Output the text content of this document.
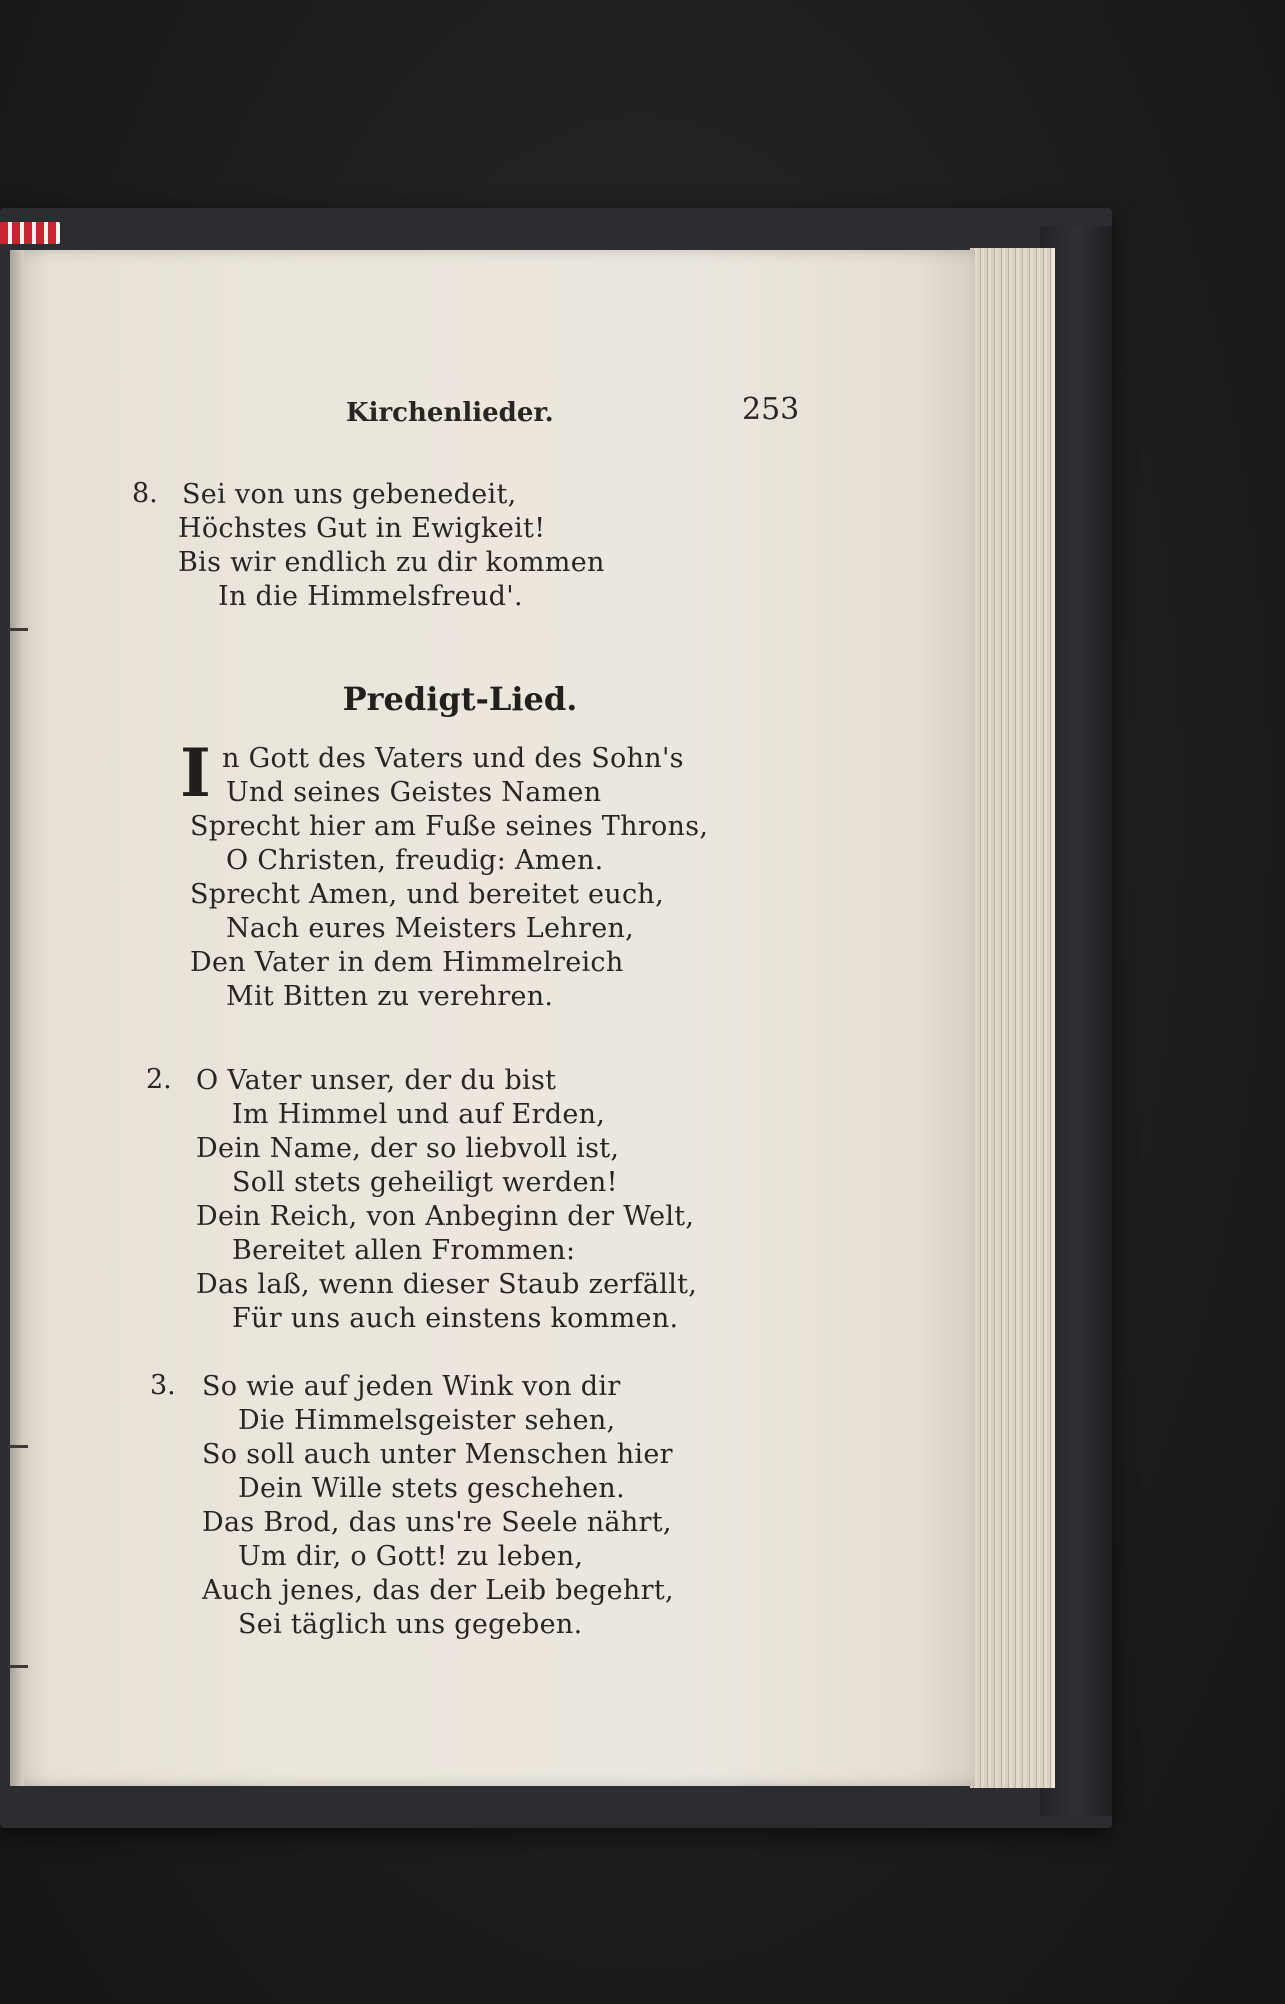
Kirchenlieder.	253
8. Sei von uns gebenedeit,
Höchstes Gut in Ewigkeit!
Bis wir endlich zu dir kommen
In die Himmelsfreud'.
Predigt-Lied.
I n Gott des Vaters und des Sohn's
Und seines Geistes Namen
Sprecht hier am Fuße seines Throns,
O Christen, freudig: Amen.
Sprecht Amen, und bereitet euch,
Nach eures Meisters Lehren,
Den Vater in dem Himmelreich
Mit Bitten zu verehren.
2. O Vater unser, der du bist
Im Himmel und auf Erden,
Dein Name, der so liebvoll ist,
Soll stets geheiligt werden!
Dein Reich, von Anbeginn der Welt,
Bereitet allen Frommen:
Das laß, wenn dieser Staub zerfällt,
Für uns auch einstens kommen.
3. So wie auf jeden Wink von dir
Die Himmelsgeister sehen,
So soll auch unter Menschen hier
Dein Wille stets geschehen.
Das Brod, das uns're Seele nährt,
Um dir, o Gott! zu leben,
Auch jenes, das der Leib begehrt,
Sei täglich uns gegeben.
